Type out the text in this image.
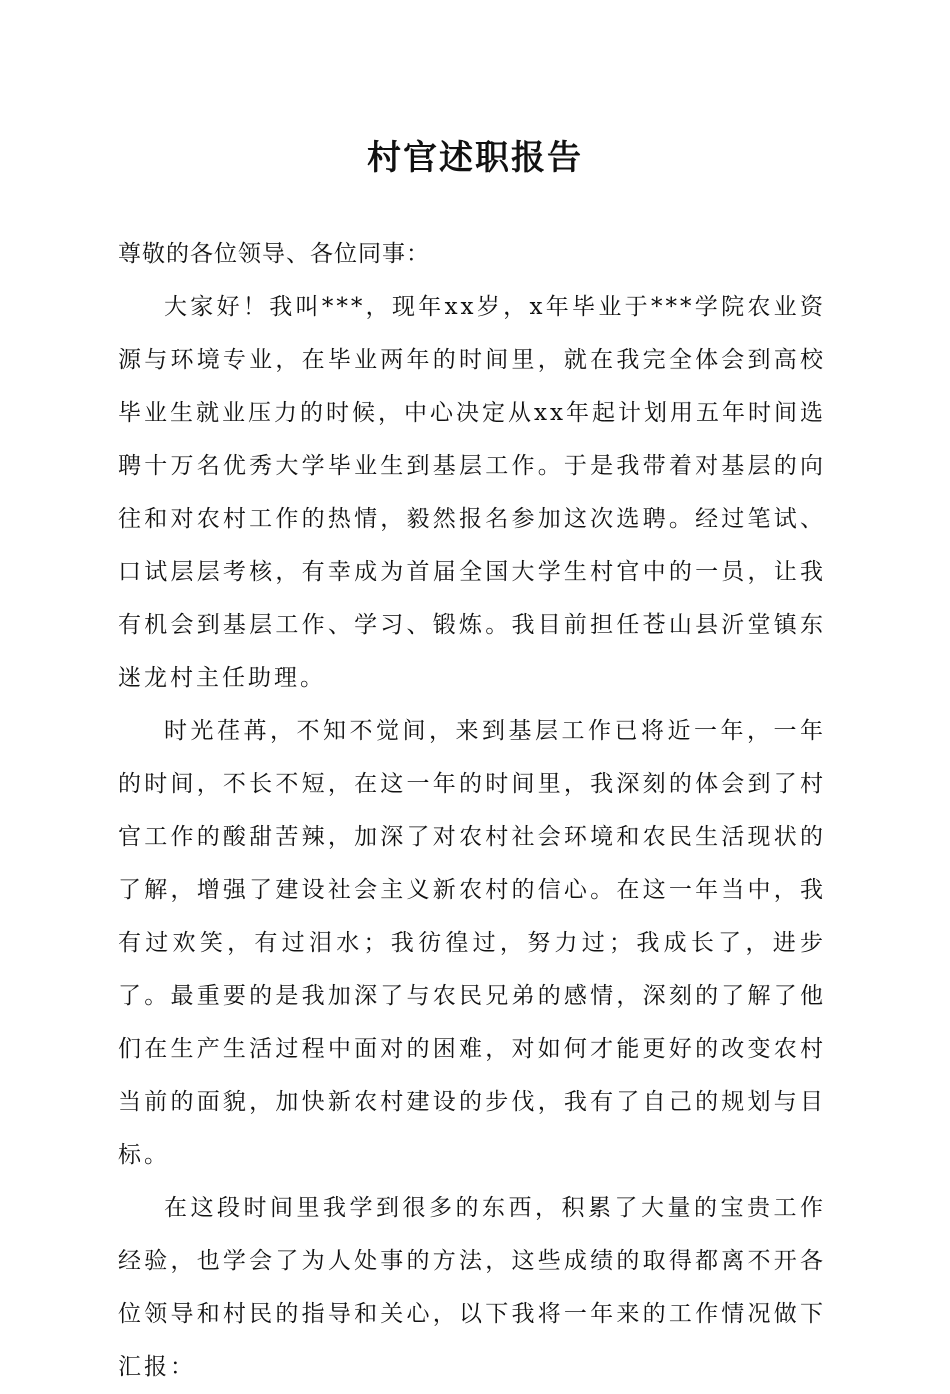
村官述职报告

尊敬的各位领导、各位同事：

大家好！我叫***，现年xx岁，x年毕业于***学院农业资源与环境专业，在毕业两年的时间里，就在我完全体会到高校毕业生就业压力的时候，中心决定从xx年起计划用五年时间选聘十万名优秀大学毕业生到基层工作。于是我带着对基层的向往和对农村工作的热情，毅然报名参加这次选聘。经过笔试、口试层层考核，有幸成为首届全国大学生村官中的一员，让我有机会到基层工作、学习、锻炼。我目前担任苍山县沂堂镇东迷龙村主任助理。

时光荏苒，不知不觉间，来到基层工作已将近一年，一年的时间，不长不短，在这一年的时间里，我深刻的体会到了村官工作的酸甜苦辣，加深了对农村社会环境和农民生活现状的了解，增强了建设社会主义新农村的信心。在这一年当中，我有过欢笑，有过泪水；我彷徨过，努力过；我成长了，进步了。最重要的是我加深了与农民兄弟的感情，深刻的了解了他们在生产生活过程中面对的困难，对如何才能更好的改变农村当前的面貌，加快新农村建设的步伐，我有了自己的规划与目标。

在这段时间里我学到很多的东西，积累了大量的宝贵工作经验，也学会了为人处事的方法，这些成绩的取得都离不开各位领导和村民的指导和关心，以下我将一年来的工作情况做下汇报：
